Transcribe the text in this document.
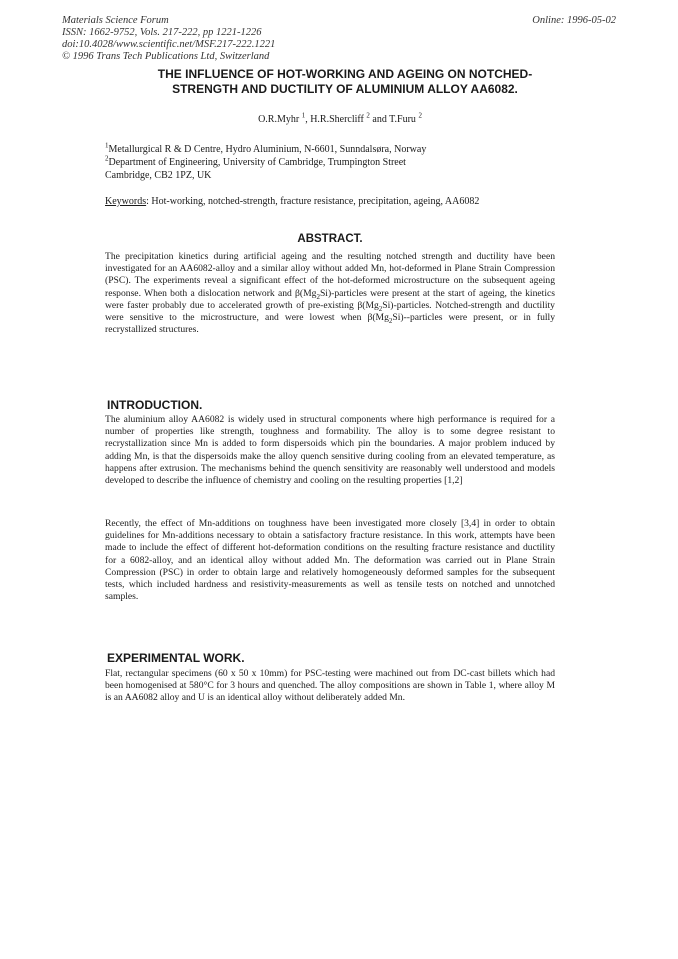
Materials Science Forum
ISSN: 1662-9752, Vols. 217-222, pp 1221-1226
doi:10.4028/www.scientific.net/MSF.217-222.1221
© 1996 Trans Tech Publications Ltd, Switzerland
Online: 1996-05-02
THE INFLUENCE OF HOT-WORKING AND AGEING ON NOTCHED-
STRENGTH AND DUCTILITY OF ALUMINIUM ALLOY AA6082.
O.R.Myhr $^1$, H.R.Shercliff $^2$ and T.Furu $^2$
$^1$Metallurgical R & D Centre, Hydro Aluminium, N-6601, Sunndalsøra, Norway
$^2$Department of Engineering, University of Cambridge, Trumpington Street
Cambridge, CB2 1PZ, UK
Keywords: Hot-working, notched-strength, fracture resistance, precipitation, ageing, AA6082
ABSTRACT.
The precipitation kinetics during artificial ageing and the resulting notched strength and ductility have been investigated for an AA6082-alloy and a similar alloy without added Mn, hot-deformed in Plane Strain Compression (PSC). The experiments reveal a significant effect of the hot-deformed microstructure on the subsequent ageing response. When both a dislocation network and $\beta(Mg_2Si)$-particles were present at the start of ageing, the kinetics were faster probably due to accelerated growth of pre-existing $\beta(Mg_2Si)$-particles. Notched-strength and ductility were sensitive to the microstructure, and were lowest when $\beta(Mg_2Si)-$-particles were present, or in fully recrystallized structures.
INTRODUCTION.
The aluminium alloy AA6082 is widely used in structural components where high performance is required for a number of properties like strength, toughness and formability. The alloy is to some degree resistant to recrystallization since Mn is added to form dispersoids which pin the boundaries. A major problem induced by adding Mn, is that the dispersoids make the alloy quench sensitive during cooling from an elevated temperature, as happens after extrusion. The mechanisms behind the quench sensitivity are reasonably well understood and models developed to describe the influence of chemistry and cooling on the resulting properties [1,2]
Recently, the effect of Mn-additions on toughness have been investigated more closely [3,4] in order to obtain guidelines for Mn-additions necessary to obtain a satisfactory fracture resistance. In this work, attempts have been made to include the effect of different hot-deformation conditions on the resulting fracture resistance and ductility for a 6082-alloy, and an identical alloy without added Mn. The deformation was carried out in Plane Strain Compression (PSC) in order to obtain large and relatively homogeneously deformed samples for the subsequent tests, which included hardness and resistivity-measurements as well as tensile tests on notched and unnotched samples.
EXPERIMENTAL WORK.
Flat, rectangular specimens (60 x 50 x 10mm) for PSC-testing were machined out from DC-cast billets which had been homogenised at 580°C for 3 hours and quenched. The alloy compositions are shown in Table 1, where alloy M is an AA6082 alloy and U is an identical alloy without deliberately added Mn.
